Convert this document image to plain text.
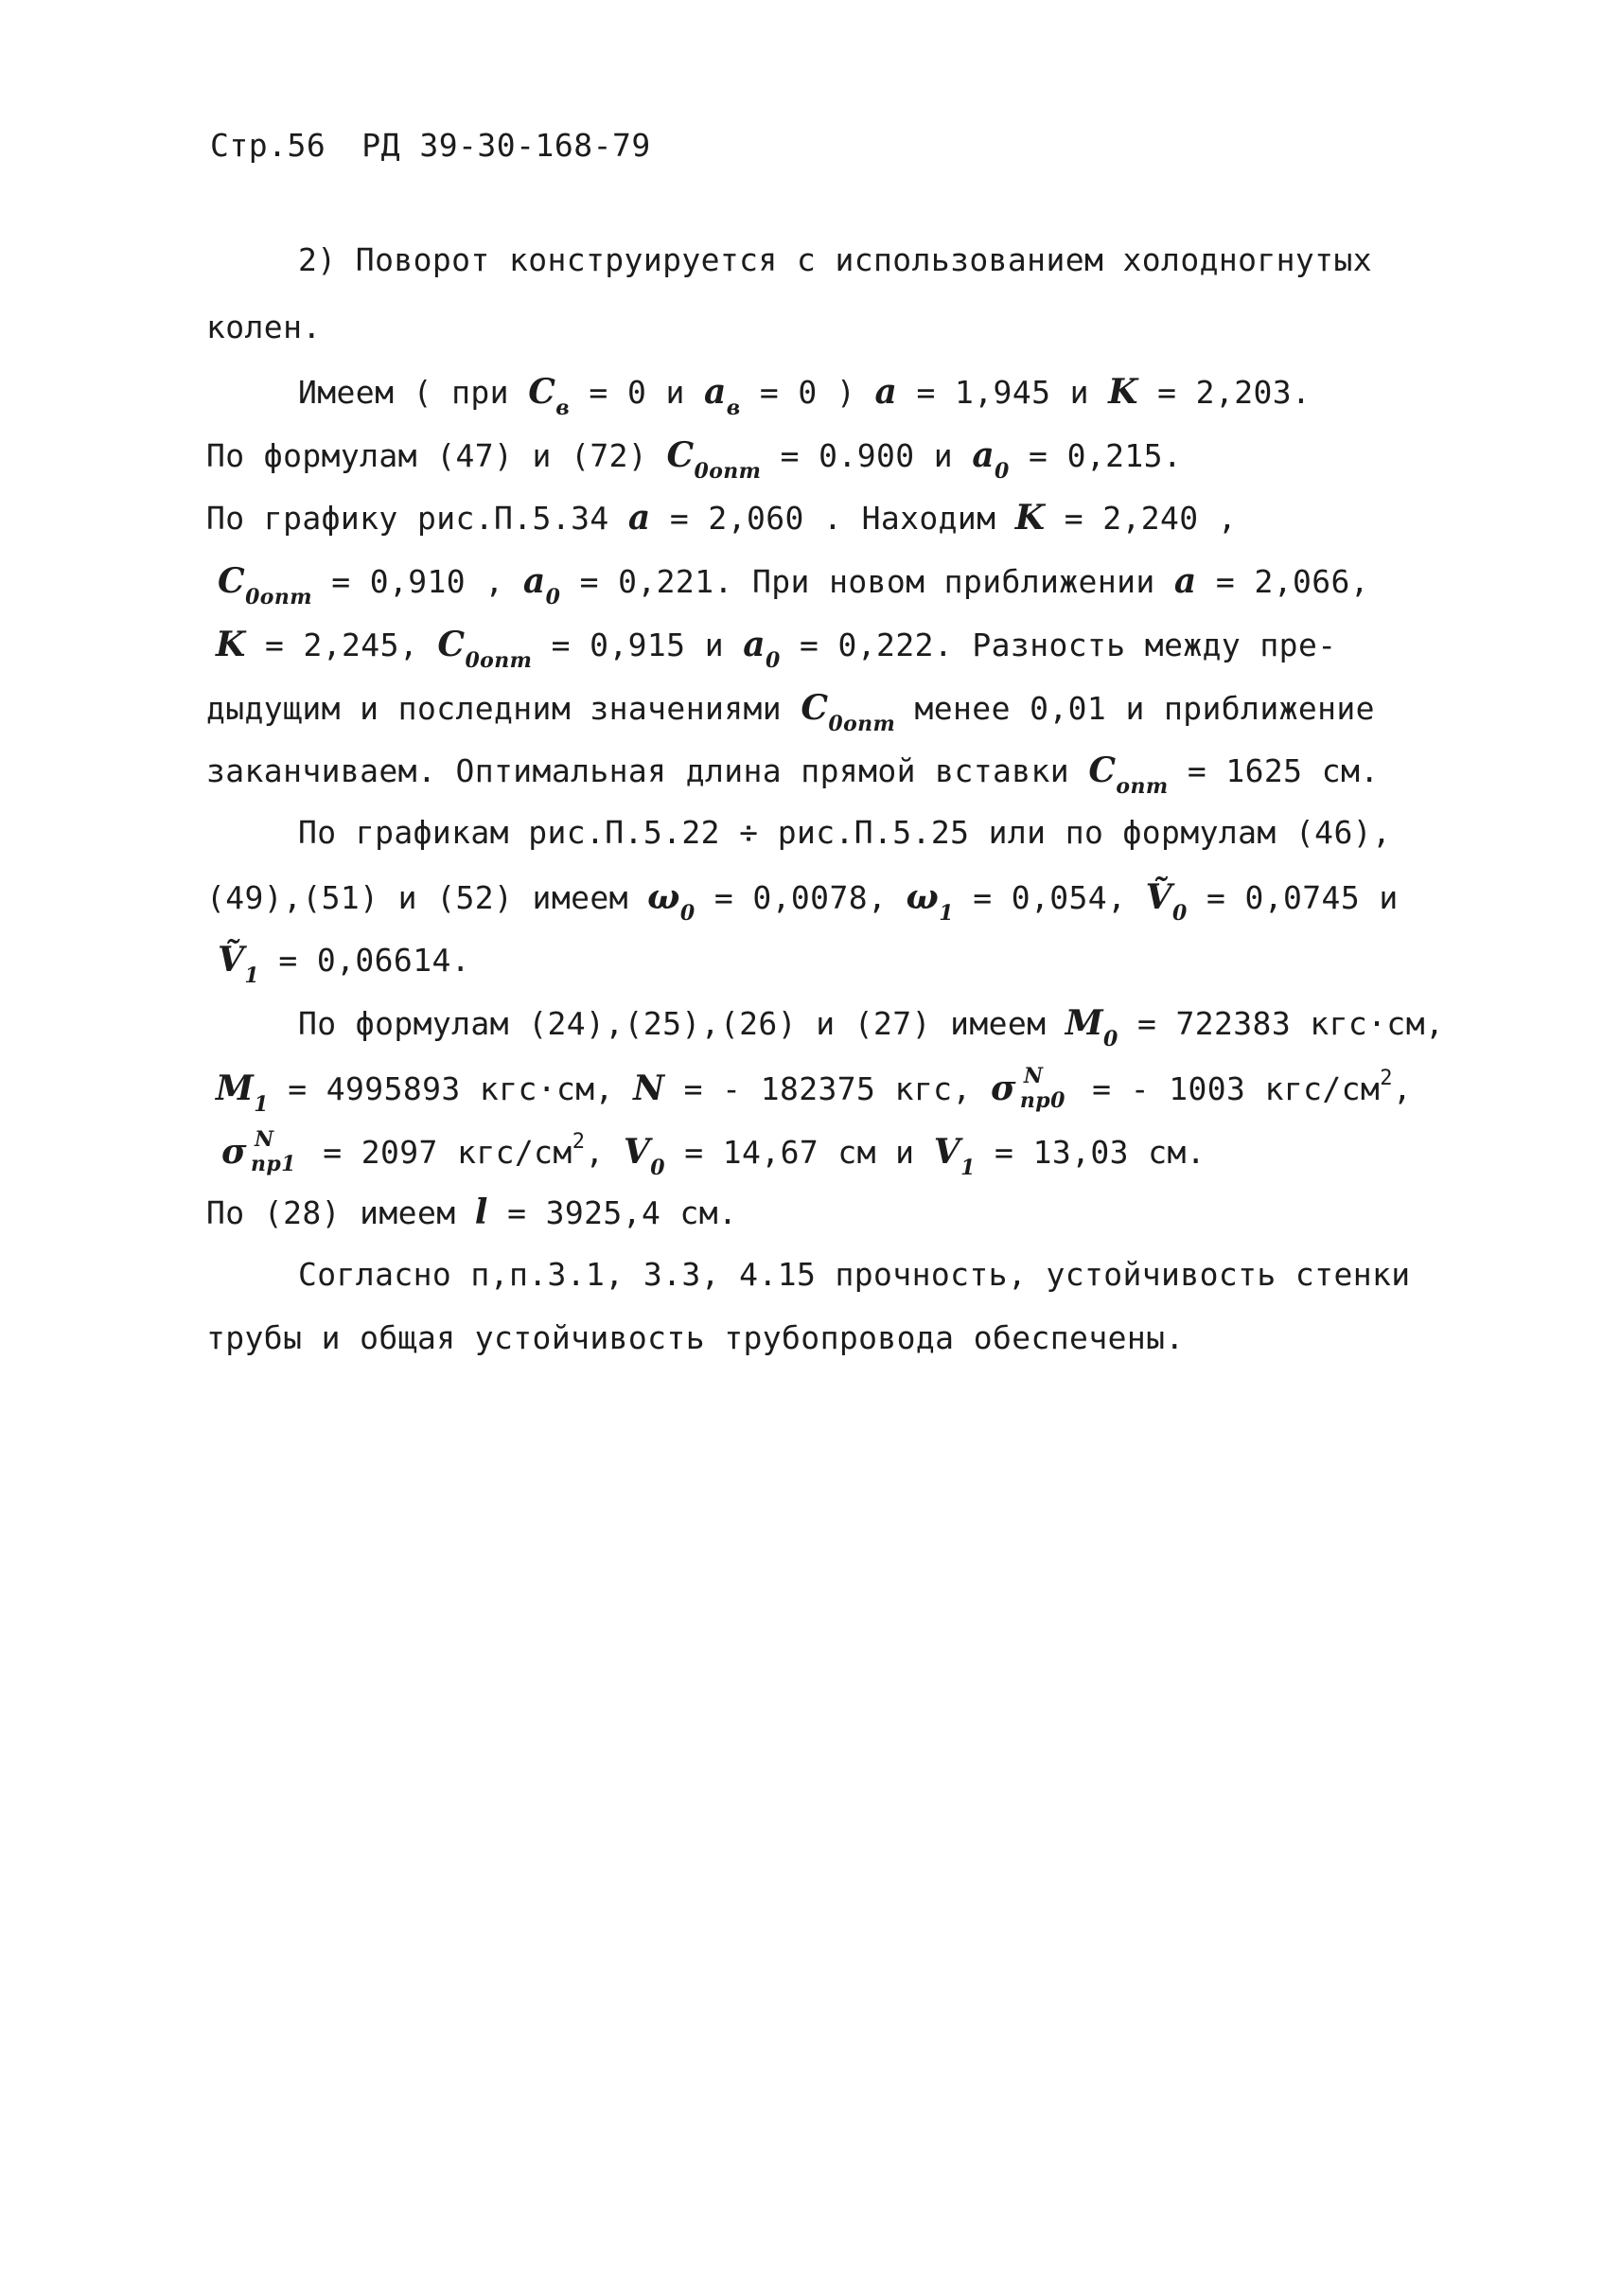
Стр.56 РД 39-30-168-79
2) Поворот конструируется с использованием холодногнутых
колен.
Имеем ( при $C_в = 0$ и $a_в = 0$ ) a = 1,945 и K = 2,203.
По формулам (47) и (72) $C_{0опт} = 0.900$ и $a_0 = 0,215$.
По графику рис.П.5.34 a = 2,060 . Находим K = 2,240 ,
$C_{0опт} = 0,910$ , $a_0 = 0,221$. При новом приближении a = 2,066,
K = 2,245, $C_{0опт} = 0,915$ и $a_0 = 0,222$. Разность между пре-
дыдущим и последним значениями $C_{0опт}$ менее 0,01 и приближение
заканчиваем. Оптимальная длина прямой вставки $C_{опт} = 1625$ см.
По графикам рис.П.5.22 ÷ рис.П.5.25 или по формулам (46),
(49),(51) и (52) имеем $\omega_0 = 0,0078$, $\omega_1 = 0,054$, Ṽ$_0$ = 0,0745 и
Ṽ$_1$ = 0,06614.
По формулам (24),(25),(26) и (27) имеем $M_0 = 722383$ кгс·см,
$M_1 = 4995893$ кгс·см, N = - 182375 кгс, σ N
пр0 = - 1003 кгс/$см^2$,
σ N
пр1 = 2097 кгс/$см^2$, $V_0 = 14,67$ см и $V_1 = 13,03$ см.
По (28) имеем l = 3925,4 см.
Согласно п,п.3.1, 3.3, 4.15 прочность, устойчивость стенки
трубы и общая устойчивость трубопровода обеспечены.
